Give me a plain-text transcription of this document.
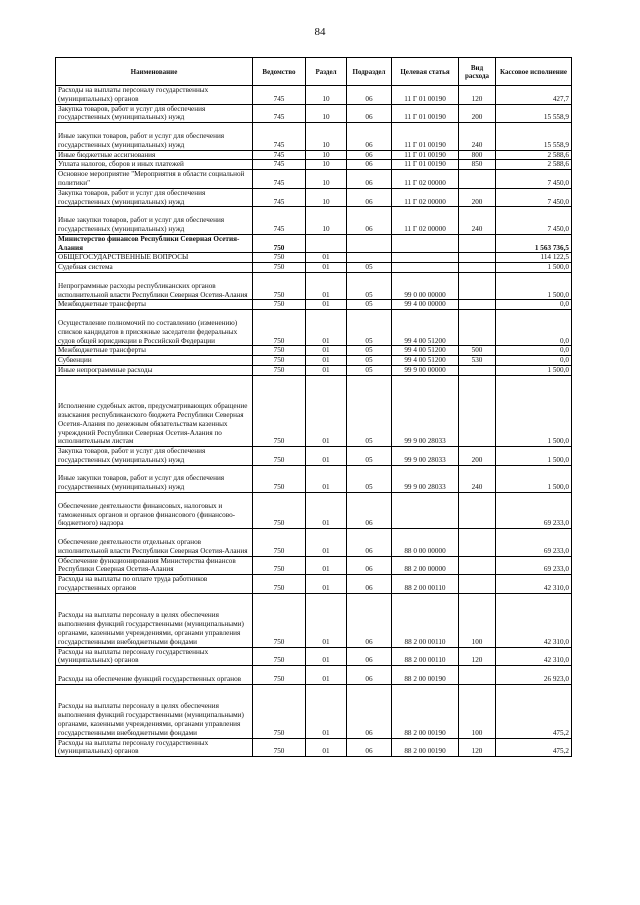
84
Наименование	Ведомство	Раздел	Подраздел	Целевая статья	Вид расхода	Кассовое исполнение
Расходы на выплаты персоналу государственных (муниципальных) органов	745	10	06	11 Г 01 00190	120	427,7
Закупка товаров, работ и услуг для обеспечения государственных (муниципальных) нужд	745	10	06	11 Г 01 00190	200	15 558,9
Иные закупки товаров, работ и услуг для обеспечения государственных (муниципальных) нужд	745	10	06	11 Г 01 00190	240	15 558,9
Иные бюджетные ассигнования	745	10	06	11 Г 01 00190	800	2 588,6
Уплата налогов, сборов и иных платежей	745	10	06	11 Г 01 00190	850	2 588,6
Основное мероприятие "Мероприятия в области социальной политики"	745	10	06	11 Г 02 00000		7 450,0
Закупка товаров, работ и услуг для обеспечения государственных (муниципальных) нужд	745	10	06	11 Г 02 00000	200	7 450,0
Иные закупки товаров, работ и услуг для обеспечения государственных (муниципальных) нужд	745	10	06	11 Г 02 00000	240	7 450,0
Министерство финансов Республики Северная Осетия-Алания	750					1 563 736,5
ОБЩЕГОСУДАРСТВЕННЫЕ ВОПРОСЫ	750	01				114 122,5
Судебная система	750	01	05			1 500,0
Непрограммные расходы республиканских органов исполнительной власти Республики Северная Осетия-Алания	750	01	05	99 0 00 00000		1 500,0
Межбюджетные трансферты	750	01	05	99 4 00 00000		0,0
Осуществление полномочий по составлению (изменению) списков кандидатов в присяжные заседатели федеральных судов общей юрисдикции в Российской Федерации	750	01	05	99 4 00 51200		0,0
Межбюджетные трансферты	750	01	05	99 4 00 51200	500	0,0
Субвенции	750	01	05	99 4 00 51200	530	0,0
Иные непрограммные расходы	750	01	05	99 9 00 00000		1 500,0
Исполнение судебных актов, предусматривающих обращение взыскания республиканского бюджета Республики Северная Осетия-Алания по денежным обязательствам казенных учреждений Республики Северная Осетия-Алания по исполнительным листам	750	01	05	99 9 00 28033		1 500,0
Закупка товаров, работ и услуг для обеспечения государственных (муниципальных) нужд	750	01	05	99 9 00 28033	200	1 500,0
Иные закупки товаров, работ и услуг для обеспечения государственных (муниципальных) нужд	750	01	05	99 9 00 28033	240	1 500,0
Обеспечение деятельности финансовых, налоговых и таможенных органов и органов финансового (финансово-бюджетного) надзора	750	01	06			69 233,0
Обеспечение деятельности отдельных органов исполнительной власти Республики Северная Осетия-Алания	750	01	06	88 0 00 00000		69 233,0
Обеспечение функционирования Министерства финансов Республики Северная Осетия-Алания	750	01	06	88 2 00 00000		69 233,0
Расходы на выплаты по оплате труда работников государственных органов	750	01	06	88 2 00 00110		42 310,0
Расходы на выплаты персоналу в целях обеспечения выполнения функций государственными (муниципальными) органами, казенными учреждениями, органами управления государственными внебюджетными фондами	750	01	06	88 2 00 00110	100	42 310,0
Расходы на выплаты персоналу государственных (муниципальных) органов	750	01	06	88 2 00 00110	120	42 310,0
Расходы на обеспечение функций государственных органов	750	01	06	88 2 00 00190		26 923,0
Расходы на выплаты персоналу в целях обеспечения выполнения функций государственными (муниципальными) органами, казенными учреждениями, органами управления государственными внебюджетными фондами	750	01	06	88 2 00 00190	100	475,2
Расходы на выплаты персоналу государственных (муниципальных) органов	750	01	06	88 2 00 00190	120	475,2
